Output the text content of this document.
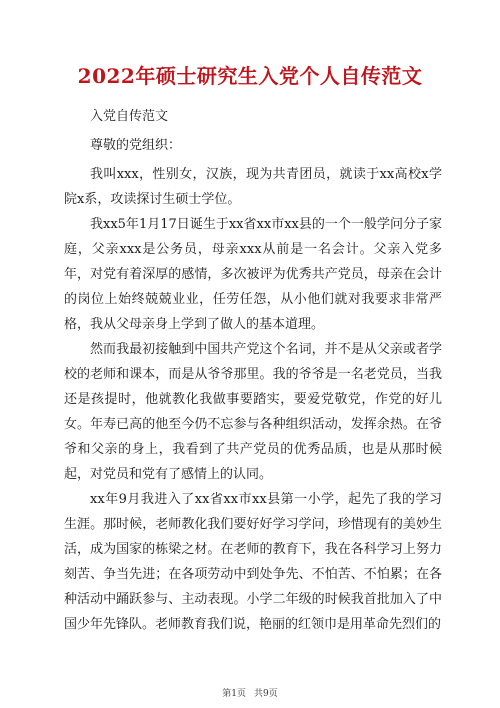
2022年硕士研究生入党个人自传范文

入党自传范文

尊敬的党组织：

我叫xxx，性别女，汉族，现为共青团员，就读于xx高校x学院x系，攻读探讨生硕士学位。

我xx5年1月17日诞生于xx省xx市xx县的一个一般学问分子家庭，父亲xxx是公务员，母亲xxx从前是一名会计。父亲入党多年，对党有着深厚的感情，多次被评为优秀共产党员，母亲在会计的岗位上始终兢兢业业，任劳任怨，从小他们就对我要求非常严格，我从父母亲身上学到了做人的基本道理。

然而我最初接触到中国共产党这个名词，并不是从父亲或者学校的老师和课本，而是从爷爷那里。我的爷爷是一名老党员，当我还是孩提时，他就教化我做事要踏实，要爱党敬党，作党的好儿女。年寿已高的他至今仍不忘参与各种组织活动，发挥余热。在爷爷和父亲的身上，我看到了共产党员的优秀品质，也是从那时候起，对党员和党有了感情上的认同。

xx年9月我进入了xx省xx市xx县第一小学，起先了我的学习生涯。那时候，老师教化我们要好好学习学问，珍惜现有的美妙生活，成为国家的栋梁之材。在老师的教育下，我在各科学习上努力刻苦、争当先进；在各项劳动中到处争先、不怕苦、不怕累；在各种活动中踊跃参与、主动表现。小学二年级的时候我首批加入了中国少年先锋队。老师教育我们说，艳丽的红领巾是用革命先烈们的

第1页 共9页
